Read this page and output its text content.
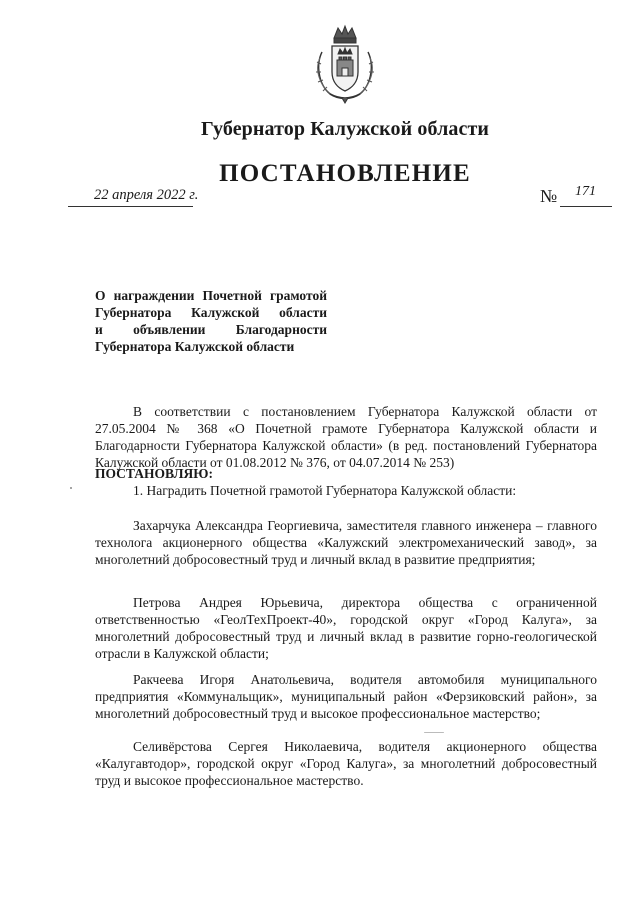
Губернатор Калужской области
ПОСТАНОВЛЕНИЕ
22 апреля 2022 г.	№ 171
О награждении Почетной грамотой
Губернатора Калужской области
и объявлении Благодарности
Губернатора Калужской области
В соответствии с постановлением Губернатора Калужской области от 27.05.2004 № 368 «О Почетной грамоте Губернатора Калужской области и Благодарности Губернатора Калужской области» (в ред. постановлений Губернатора Калужской области от 01.08.2012 № 376, от 04.07.2014 № 253)
ПОСТАНОВЛЯЮ:
1. Наградить Почетной грамотой Губернатора Калужской области:
Захарчука Александра Георгиевича, заместителя главного инженера – главного технолога акционерного общества «Калужский электромеханический завод», за многолетний добросовестный труд и личный вклад в развитие предприятия;
Петрова Андрея Юрьевича, директора общества с ограниченной ответственностью «ГеолТехПроект-40», городской округ «Город Калуга», за многолетний добросовестный труд и личный вклад в развитие горно-геологической отрасли в Калужской области;
Ракчеева Игоря Анатольевича, водителя автомобиля муниципального предприятия «Коммунальщик», муниципальный район «Ферзиковский район», за многолетний добросовестный труд и высокое профессиональное мастерство;
Селивёрстова Сергея Николаевича, водителя акционерного общества «Калугавтодор», городской округ «Город Калуга», за многолетний добросовестный труд и высокое профессиональное мастерство.
